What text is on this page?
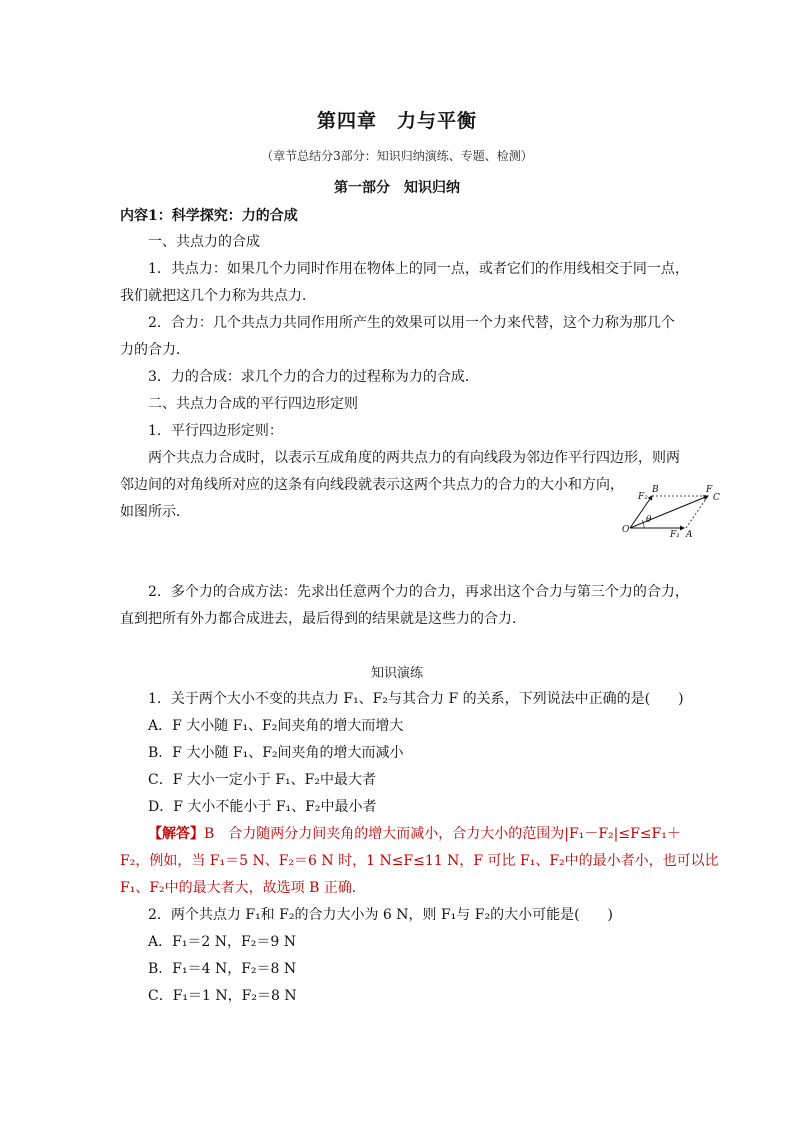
第四章　力与平衡
（章节总结分3部分：知识归纳演练、专题、检测）
第一部分　知识归纳
内容1：科学探究：力的合成
一、共点力的合成
1．共点力：如果几个力同时作用在物体上的同一点，或者它们的作用线相交于同一点，
我们就把这几个力称为共点力．
2．合力：几个共点力共同作用所产生的效果可以用一个力来代替，这个力称为那几个
力的合力．
3．力的合成：求几个力的合力的过程称为力的合成．
二、共点力合成的平行四边形定则
1．平行四边形定则：
两个共点力合成时，以表示互成角度的两共点力的有向线段为邻边作平行四边形，则两
邻边间的对角线所对应的这条有向线段就表示这两个共点力的合力的大小和方向，
如图所示．
O	A
B
C
F
F₁
F₂
θ
2．多个力的合成方法：先求出任意两个力的合力，再求出这个合力与第三个力的合力，
直到把所有外力都合成进去，最后得到的结果就是这些力的合力．
知识演练
1．关于两个大小不变的共点力 F₁、F₂与其合力 F 的关系，下列说法中正确的是(　　)
A．F 大小随 F₁、F₂间夹角的增大而增大
B．F 大小随 F₁、F₂间夹角的增大而减小
C．F 大小一定小于 F₁、F₂中最大者
D．F 大小不能小于 F₁、F₂中最小者
【解答】B　合力随两分力间夹角的增大而减小，合力大小的范围为|F₁－F₂|≤F≤F₁＋
F₂，例如，当 F₁＝5 N、F₂＝6 N 时，1 N≤F≤11 N，F 可比 F₁、F₂中的最小者小，也可以比
F₁、F₂中的最大者大，故选项 B 正确．
2．两个共点力 F₁和 F₂的合力大小为 6 N，则 F₁与 F₂的大小可能是(　　)
A．F₁＝2 N，F₂＝9 N
B．F₁＝4 N，F₂＝8 N
C．F₁＝1 N，F₂＝8 N
